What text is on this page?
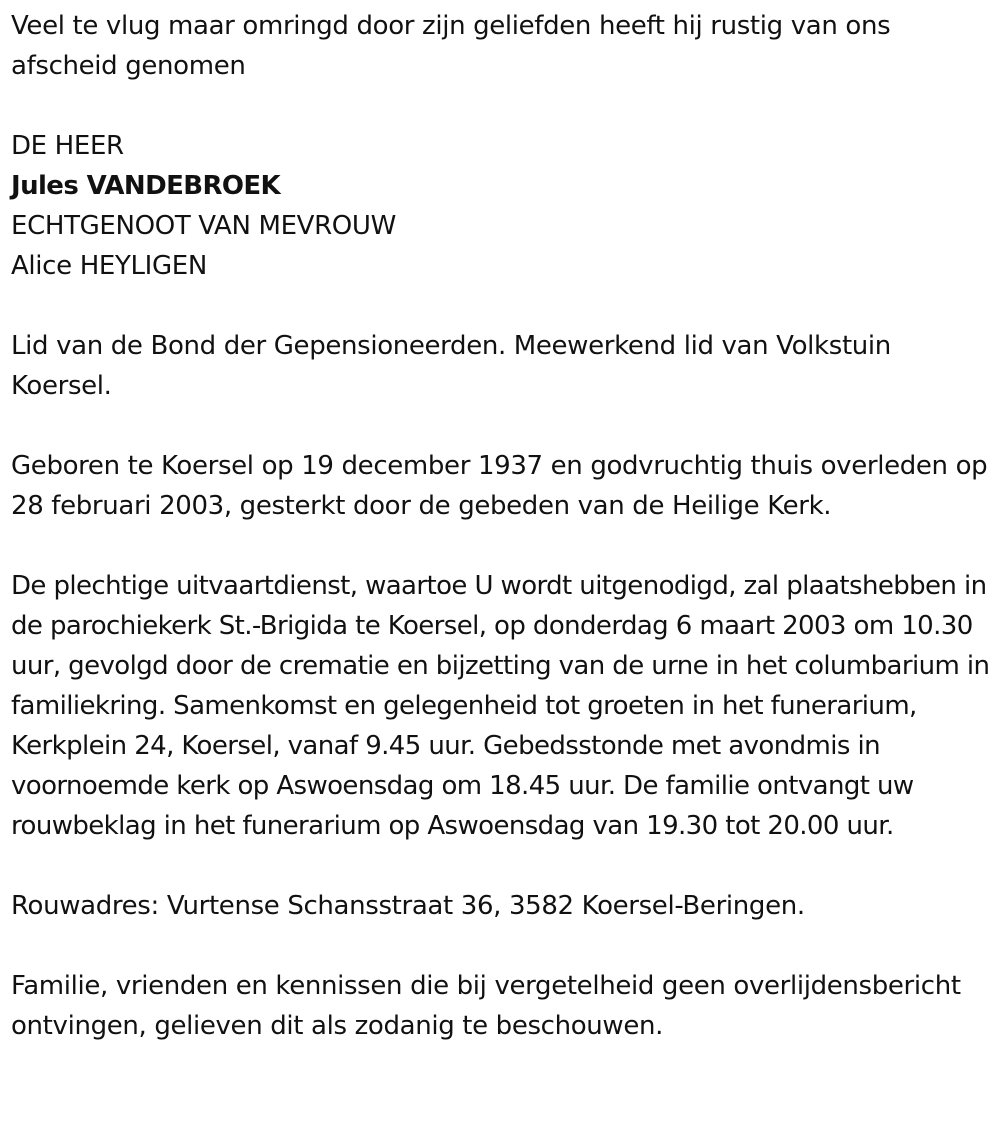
Veel te vlug maar omringd door zijn geliefden heeft hij rustig van ons afscheid genomen

DE HEER
Jules VANDEBROEK
ECHTGENOOT VAN MEVROUW
Alice HEYLIGEN

Lid van de Bond der Gepensioneerden. Meewerkend lid van Volkstuin Koersel.

Geboren te Koersel op 19 december 1937 en godvruchtig thuis overleden op 28 februari 2003, gesterkt door de gebeden van de Heilige Kerk.

De plechtige uitvaartdienst, waartoe U wordt uitgenodigd, zal plaatshebben in de parochiekerk St.-Brigida te Koersel, op donderdag 6 maart 2003 om 10.30 uur, gevolgd door de crematie en bijzetting van de urne in het columbarium in familiekring. Samenkomst en gelegenheid tot groeten in het funerarium, Kerkplein 24, Koersel, vanaf 9.45 uur. Gebedsstonde met avondmis in voornoemde kerk op Aswoensdag om 18.45 uur. De familie ontvangt uw rouwbeklag in het funerarium op Aswoensdag van 19.30 tot 20.00 uur.

Rouwadres: Vurtense Schansstraat 36, 3582 Koersel-Beringen.

Familie, vrienden en kennissen die bij vergetelheid geen overlijdensbericht ontvingen, gelieven dit als zodanig te beschouwen.
